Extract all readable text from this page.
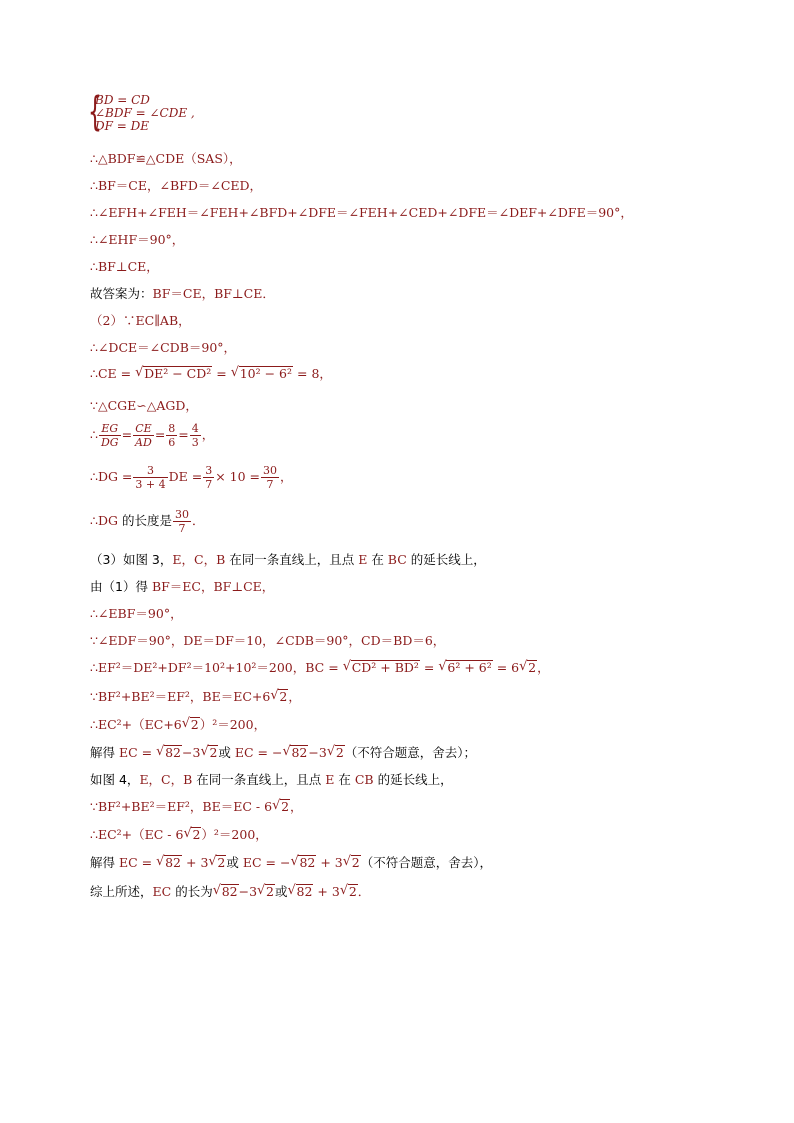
{
BD = CD
∠BDF = ∠CDE ,
DF = DE
∴△BDF≌△CDE（SAS），
∴BF＝CE，∠BFD＝∠CED，
∴∠EFH+∠FEH＝∠FEH+∠BFD+∠DFE＝∠FEH+∠CED+∠DFE＝∠DEF+∠DFE＝90°，
∴∠EHF＝90°，
∴BF⊥CE，
故答案为：BF＝CE，BF⊥CE．
（2）∵EC∥AB，
∴∠DCE＝∠CDB＝90°，
∴CE = √ DE² − CD² = √ 10² − 6² = 8，
∵△CGE∽△AGD，
∴ $\frac{EG}{DG} = \frac{CE}{AD} = \frac{8}{6} = \frac{4}{3}$ ，
∴DG = $\frac{3}{3 + 4}$ DE = $\frac{3}{7} \times 10 = \frac{30}{7}$ ，
∴DG 的长度是 $\frac{30}{7}$ ．
（3）如图 3，E，C，B 在同一条直线上，且点 E 在 BC 的延长线上，
由（1）得 BF＝EC，BF⊥CE，
∴∠EBF＝90°，
∵∠EDF＝90°，DE＝DF＝10，∠CDB＝90°，CD＝BD＝6，
∴EF²＝DE²+DF²＝10²+10²＝200，BC = √ CD² + BD² = √ 6² + 6² = 6 √ 2，
∵BF²+BE²＝EF²，BE＝EC+6 √ 2，
∴EC²+（EC+6 √ 2）²＝200，
解得 EC = √ 82−3 √ 2或 EC = − √ 82−3 √ 2（不符合题意，舍去）；
如图 4，E，C，B 在同一条直线上，且点 E 在 CB 的延长线上，
∵BF²+BE²＝EF²，BE＝EC - 6 √ 2，
∴EC²+（EC - 6 √ 2）²＝200，
解得 EC = √ 82 + 3 √ 2或 EC = − √ 82 + 3 √ 2（不符合题意，舍去），
综上所述，EC 的长为 √ 82−3 √ 2或 √ 82 + 3 √ 2．
